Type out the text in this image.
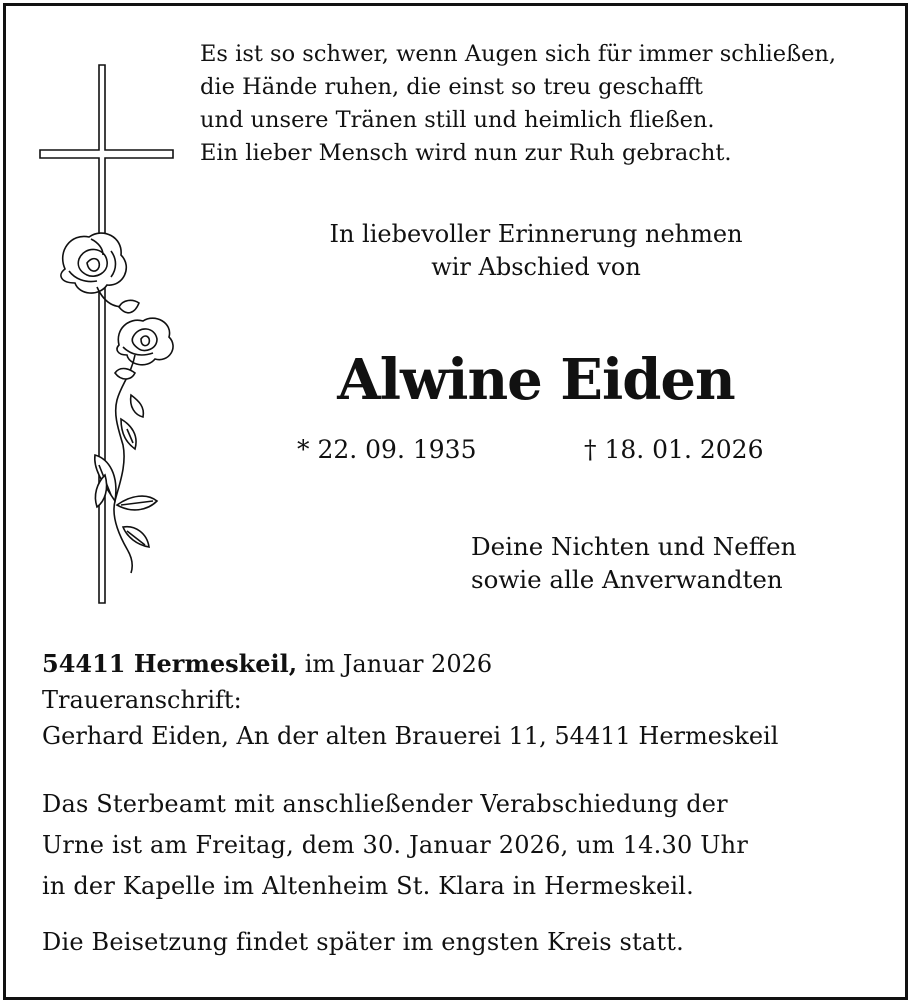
Es ist so schwer, wenn Augen sich für immer schließen,
die Hände ruhen, die einst so treu geschafft
und unsere Tränen still und heimlich fließen.
Ein lieber Mensch wird nun zur Ruh gebracht.
In liebevoller Erinnerung nehmen
wir Abschied von
Alwine Eiden
* 22. 09. 1935	† 18. 01. 2026
Deine Nichten und Neffen
sowie alle Anverwandten
54411 Hermeskeil, im Januar 2026
Traueranschrift:
Gerhard Eiden, An der alten Brauerei 11, 54411 Hermeskeil
Das Sterbeamt mit anschließender Verabschiedung der
Urne ist am Freitag, dem 30. Januar 2026, um 14.30 Uhr
in der Kapelle im Altenheim St. Klara in Hermeskeil.
Die Beisetzung findet später im engsten Kreis statt.
